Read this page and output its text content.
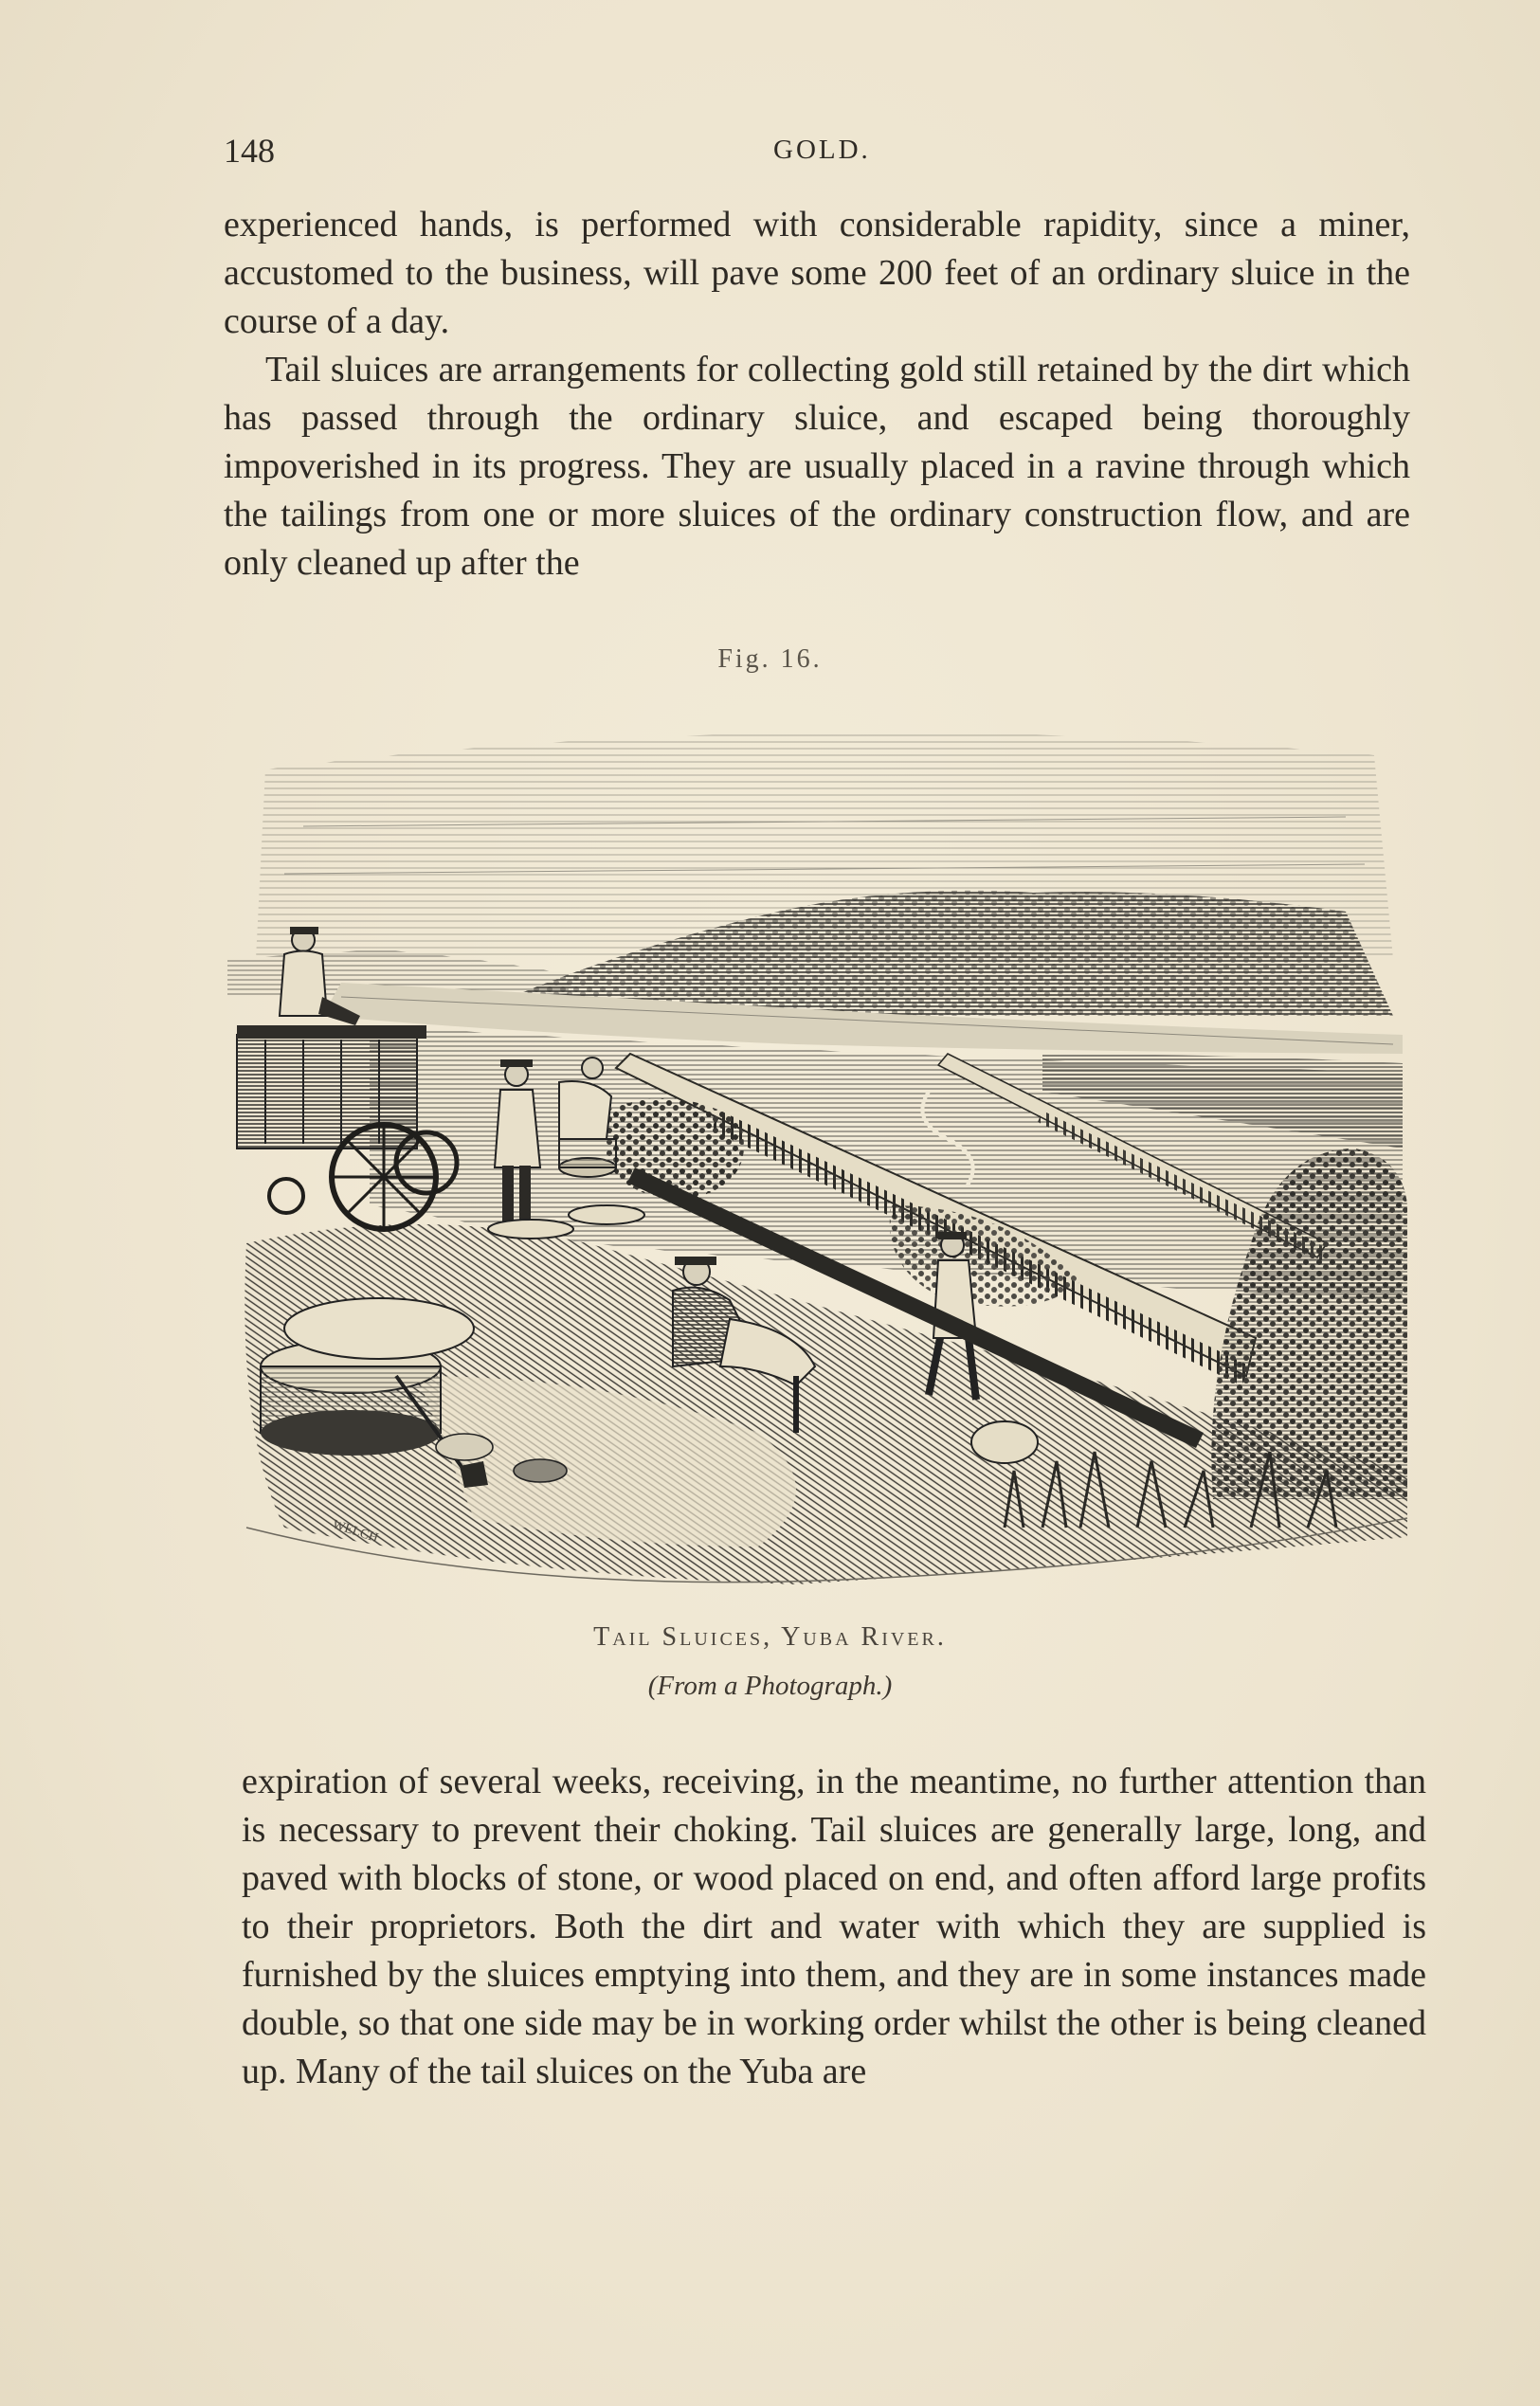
148	GOLD.

experienced hands, is performed with considerable rapidity, since a miner, accustomed to the business, will pave some 200 feet of an ordinary sluice in the course of a day.

Tail sluices are arrangements for collecting gold still retained by the dirt which has passed through the ordinary sluice, and escaped being thoroughly impoverished in its progress. They are usually placed in a ravine through which the tailings from one or more sluices of the ordinary construction flow, and are only cleaned up after the

Fig. 16.
WELCH
Tail Sluices, Yuba River.
(From a Photograph.)

expiration of several weeks, receiving, in the meantime, no further attention than is necessary to prevent their choking. Tail sluices are generally large, long, and paved with blocks of stone, or wood placed on end, and often afford large profits to their proprietors. Both the dirt and water with which they are supplied is furnished by the sluices emptying into them, and they are in some instances made double, so that one side may be in working order whilst the other is being cleaned up. Many of the tail sluices on the Yuba are
